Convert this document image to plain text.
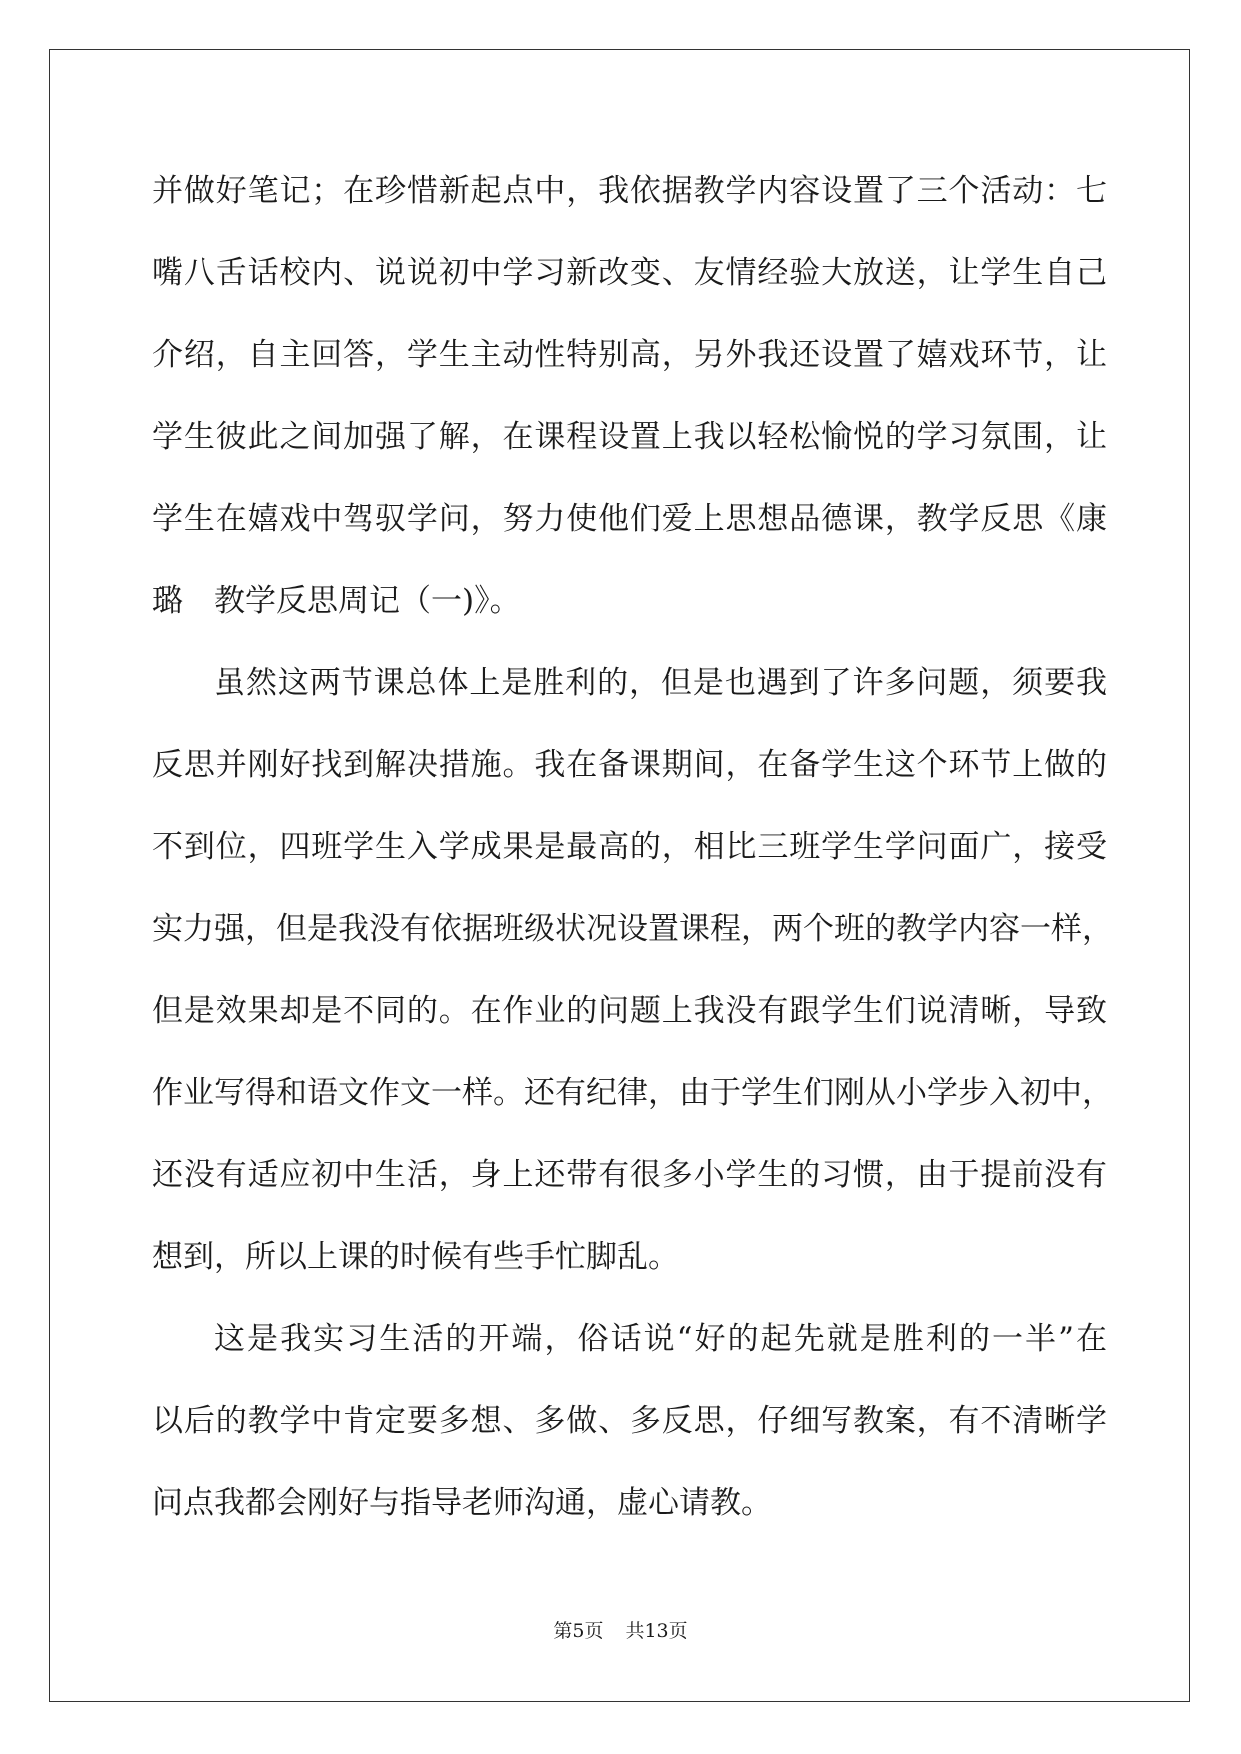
并做好笔记；在珍惜新起点中，我依据教学内容设置了三个活动：七
嘴八舌话校内、说说初中学习新改变、友情经验大放送，让学生自己
介绍，自主回答，学生主动性特别高，另外我还设置了嬉戏环节，让
学生彼此之间加强了解，在课程设置上我以轻松愉悦的学习氛围，让
学生在嬉戏中驾驭学问，努力使他们爱上思想品德课，教学反思《康
璐　教学反思周记（一)》。
虽然这两节课总体上是胜利的，但是也遇到了许多问题，须要我
反思并刚好找到解决措施。我在备课期间，在备学生这个环节上做的
不到位，四班学生入学成果是最高的，相比三班学生学问面广，接受
实力强，但是我没有依据班级状况设置课程，两个班的教学内容一样，
但是效果却是不同的。在作业的问题上我没有跟学生们说清晰，导致
作业写得和语文作文一样。还有纪律，由于学生们刚从小学步入初中，
还没有适应初中生活，身上还带有很多小学生的习惯，由于提前没有
想到，所以上课的时候有些手忙脚乱。
这是我实习生活的开端，俗话说“好的起先就是胜利的一半”在
以后的教学中肯定要多想、多做、多反思，仔细写教案，有不清晰学
问点我都会刚好与指导老师沟通，虚心请教。
第5页 共13页
